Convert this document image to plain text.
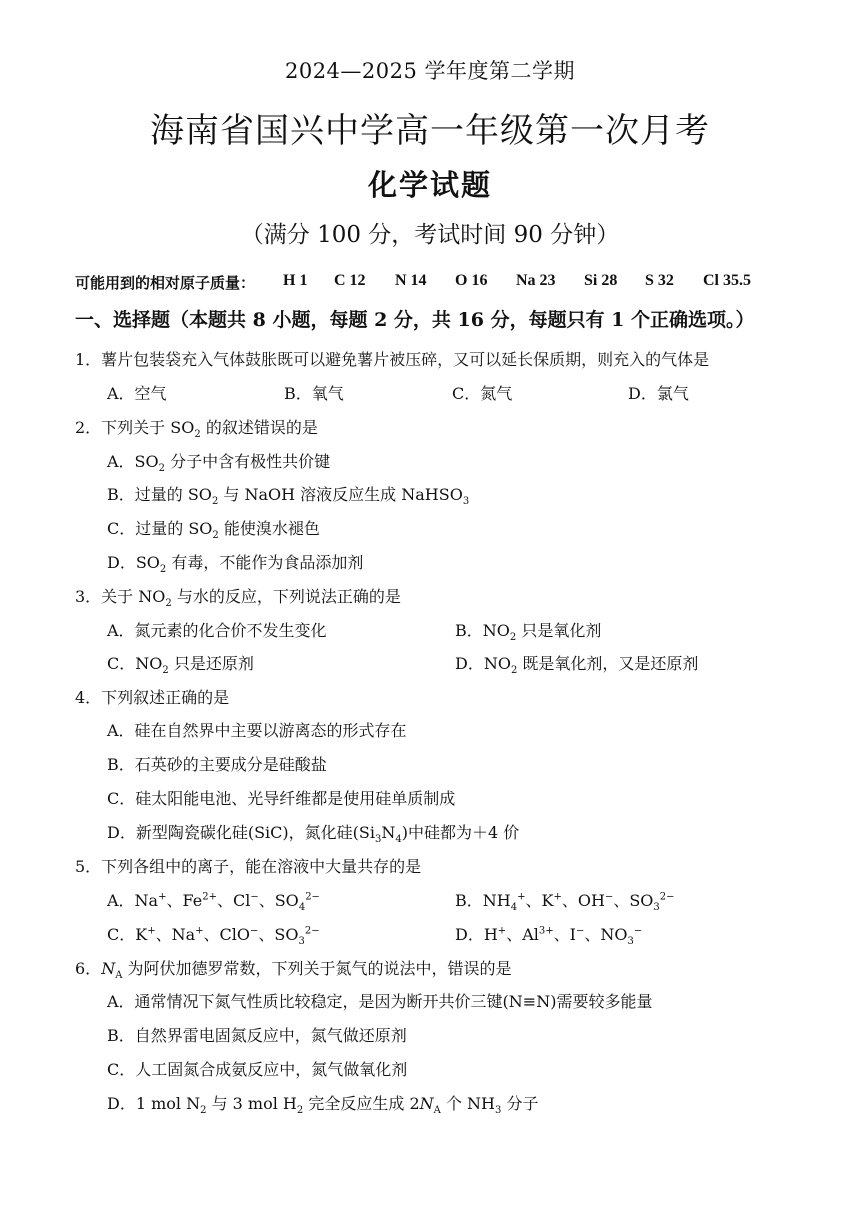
2024—2025 学年度第二学期
海南省国兴中学高一年级第一次月考
化学试题
（满分 100 分，考试时间 90 分钟）
可能用到的相对原子质量： H 1 C 12 N 14 O 16 Na 23 Si 28 S 32 Cl 35.5
一、选择题（本题共 8 小题，每题 2 分，共 16 分，每题只有 1 个正确选项。）
1．薯片包装袋充入气体鼓胀既可以避免薯片被压碎，又可以延长保质期，则充入的气体是
A．空气	B．氧气	C．氮气	D．氯气
2．下列关于 $SO_2$ 的叙述错误的是
A．$SO_2$ 分子中含有极性共价键
B．过量的 $SO_2$ 与 NaOH 溶液反应生成 NaHSO$_3$
C．过量的 $SO_2$ 能使溴水褪色
D．$SO_2$ 有毒，不能作为食品添加剂
3．关于 $NO_2$ 与水的反应，下列说法正确的是
A．氮元素的化合价不发生变化	B．$NO_2$ 只是氧化剂
C．$NO_2$ 只是还原剂	D．$NO_2$ 既是氧化剂，又是还原剂
4．下列叙述正确的是
A．硅在自然界中主要以游离态的形式存在
B．石英砂的主要成分是硅酸盐
C．硅太阳能电池、光导纤维都是使用硅单质制成
D．新型陶瓷碳化硅(SiC)，氮化硅$(Si_3N_4)$中硅都为＋4 价
5．下列各组中的离子，能在溶液中大量共存的是
A．Na+、$Fe^{2+}$、Cl−、$SO_4^{2-}$	B．$NH_4^+$、K+、OH−、$SO_3^{2-}$
C．K+、Na+、ClO−、$SO_3^{2-}$	D．H+、$Al^{3+}$、I−、$NO_3^-$
6．$N_A$ 为阿伏加德罗常数，下列关于氮气的说法中，错误的是
A．通常情况下氮气性质比较稳定，是因为断开共价三键(N≡N)需要较多能量
B．自然界雷电固氮反应中，氮气做还原剂
C．人工固氮合成氨反应中，氮气做氧化剂
D．1 mol $N_2$ 与 3 mol $H_2$ 完全反应生成 $2N_A$ 个 $NH_3$ 分子
